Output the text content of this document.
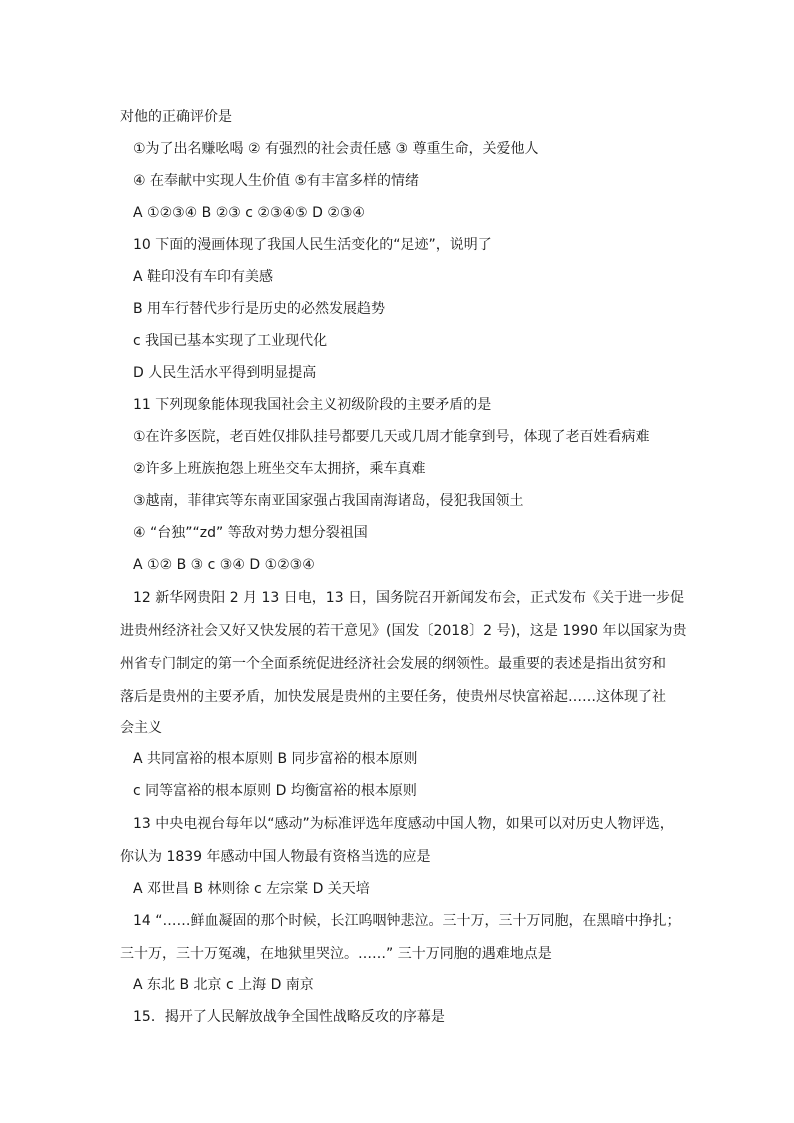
对他的正确评价是
①为了出名赚吆喝 ② 有强烈的社会责任感 ③ 尊重生命，关爱他人
④ 在奉献中实现人生价值 ⑤有丰富多样的情绪
A ①②③④ B ②③ c ②③④⑤ D ②③④
10 下面的漫画体现了我国人民生活变化的“足迹”，说明了
A 鞋印没有车印有美感
B 用车行替代步行是历史的必然发展趋势
c 我国已基本实现了工业现代化
D 人民生活水平得到明显提高
11 下列现象能体现我国社会主义初级阶段的主要矛盾的是
①在许多医院，老百姓仅排队挂号都要几天或几周才能拿到号，体现了老百姓看病难
②许多上班族抱怨上班坐交车太拥挤，乘车真难
③越南，菲律宾等东南亚国家强占我国南海诸岛，侵犯我国领土
④ “台独”“zd” 等敌对势力想分裂祖国
A ①② B ③ c ③④ D ①②③④
12 新华网贵阳 2 月 13 日电，13 日，国务院召开新闻发布会，正式发布《关于进一步促
进贵州经济社会又好又快发展的若干意见》(国发〔2018〕2 号)，这是 1990 年以国家为贵
州省专门制定的第一个全面系统促进经济社会发展的纲领性。最重要的表述是指出贫穷和
落后是贵州的主要矛盾，加快发展是贵州的主要任务，使贵州尽快富裕起……这体现了社
会主义
A 共同富裕的根本原则 B 同步富裕的根本原则
c 同等富裕的根本原则 D 均衡富裕的根本原则
13 中央电视台每年以“感动”为标准评选年度感动中国人物，如果可以对历史人物评选，
你认为 1839 年感动中国人物最有资格当选的应是
A 邓世昌 B 林则徐 c 左宗棠 D 关天培
14 “……鲜血凝固的那个时候，长江呜咽钟悲泣。三十万，三十万同胞，在黑暗中挣扎；
三十万，三十万冤魂，在地狱里哭泣。……” 三十万同胞的遇难地点是
A 东北 B 北京 c 上海 D 南京
15．揭开了人民解放战争全国性战略反攻的序幕是
